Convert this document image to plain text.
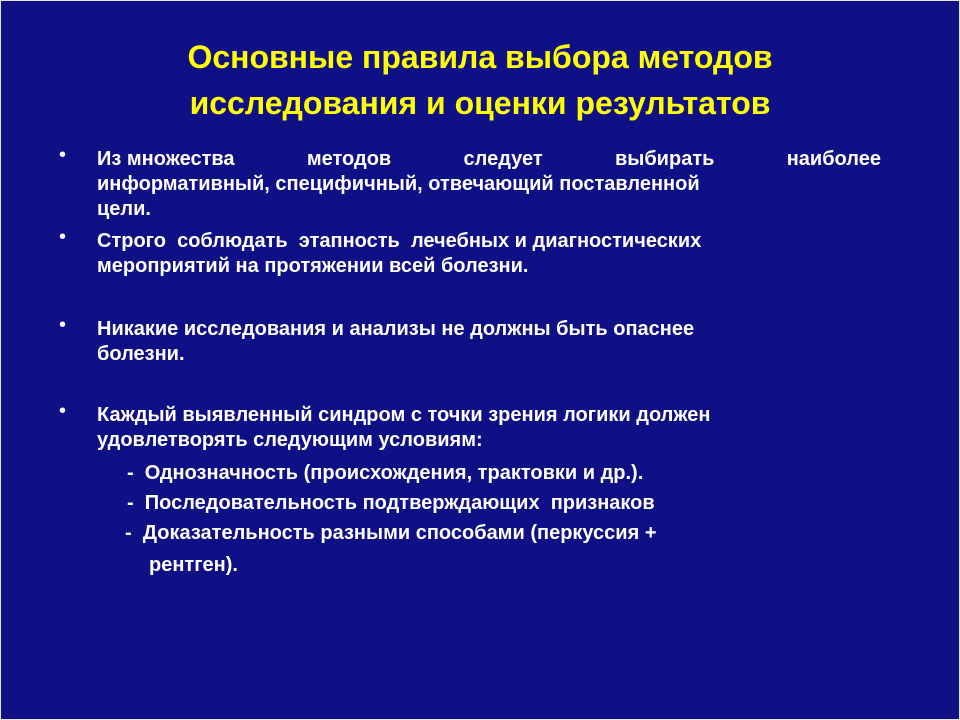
Основные правила выбора методов
исследования и оценки результатов
• Из множества	методов	следует	выбирать	наиболее
информативный, специфичный, отвечающий поставленной
цели.
• Строго  соблюдать  этапность  лечебных и диагностических
мероприятий на протяжении всей болезни.
• Никакие исследования и анализы не должны быть опаснее
болезни.
• Каждый выявленный синдром с точки зрения логики должен
удовлетворять следующим условиям:
-  Однозначность (происхождения, трактовки и др.).
-  Последовательность подтверждающих  признаков
-  Доказательность разными способами (перкуссия +
рентген).
